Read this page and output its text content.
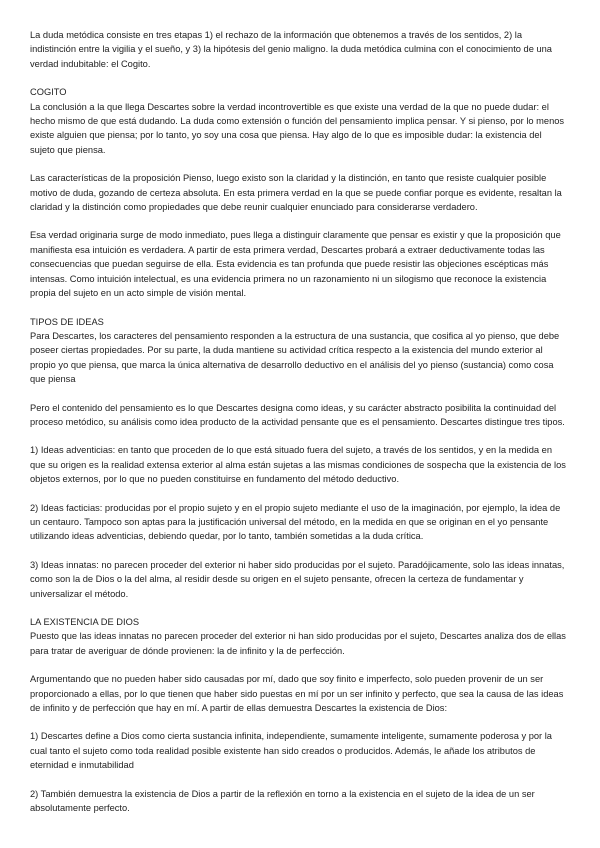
La duda metódica consiste en tres etapas 1) el rechazo de la información que obtenemos a través de los sentidos, 2) la indistinción entre la vigilia y el sueño, y 3) la hipótesis del genio maligno. la duda metódica culmina con el conocimiento de una verdad indubitable: el Cogito.

COGITO

La conclusión a la que llega Descartes sobre la verdad incontrovertible es que existe una verdad de la que no puede dudar: el hecho mismo de que está dudando. La duda como extensión o función del pensamiento implica pensar. Y si pienso, por lo menos existe alguien que piensa; por lo tanto, yo soy una cosa que piensa. Hay algo de lo que es imposible dudar: la existencia del sujeto que piensa.

Las características de la proposición Pienso, luego existo son la claridad y la distinción, en tanto que resiste cualquier posible motivo de duda, gozando de certeza absoluta. En esta primera verdad en la que se puede confiar porque es evidente, resaltan la claridad y la distinción como propiedades que debe reunir cualquier enunciado para considerarse verdadero.

Esa verdad originaria surge de modo inmediato, pues llega a distinguir claramente que pensar es existir y que la proposición que manifiesta esa intuición es verdadera. A partir de esta primera verdad, Descartes probará a extraer deductivamente todas las consecuencias que puedan seguirse de ella. Esta evidencia es tan profunda que puede resistir las objeciones escépticas más intensas. Como intuición intelectual, es una evidencia primera no un razonamiento ni un silogismo que reconoce la existencia propia del sujeto en un acto simple de visión mental.

TIPOS DE IDEAS

Para Descartes, los caracteres del pensamiento responden a la estructura de una sustancia, que cosifica al yo pienso, que debe poseer ciertas propiedades. Por su parte, la duda mantiene su actividad crítica respecto a la existencia del mundo exterior al propio yo que piensa, que marca la única alternativa de desarrollo deductivo en el análisis del yo pienso (sustancia) como cosa que piensa

Pero el contenido del pensamiento es lo que Descartes designa como ideas, y su carácter abstracto posibilita la continuidad del proceso metódico, su análisis como idea producto de la actividad pensante que es el pensamiento. Descartes distingue tres tipos.

1) Ideas adventicias: en tanto que proceden de lo que está situado fuera del sujeto, a través de los sentidos, y en la medida en que su origen es la realidad extensa exterior al alma están sujetas a las mismas condiciones de sospecha que la existencia de los objetos externos, por lo que no pueden constituirse en fundamento del método deductivo.

2) Ideas facticias: producidas por el propio sujeto y en el propio sujeto mediante el uso de la imaginación, por ejemplo, la idea de un centauro. Tampoco son aptas para la justificación universal del método, en la medida en que se originan en el yo pensante utilizando ideas adventicias, debiendo quedar, por lo tanto, también sometidas a la duda crítica.

3) Ideas innatas: no parecen proceder del exterior ni haber sido producidas por el sujeto. Paradójicamente, solo las ideas innatas, como son la de Dios o la del alma, al residir desde su origen en el sujeto pensante, ofrecen la certeza de fundamentar y universalizar el método.

LA EXISTENCIA DE DIOS

Puesto que las ideas innatas no parecen proceder del exterior ni han sido producidas por el sujeto, Descartes analiza dos de ellas para tratar de averiguar de dónde provienen: la de infinito y la de perfección.

Argumentando que no pueden haber sido causadas por mí, dado que soy finito e imperfecto, solo pueden provenir de un ser proporcionado a ellas, por lo que tienen que haber sido puestas en mí por un ser infinito y perfecto, que sea la causa de las ideas de infinito y de perfección que hay en mí. A partir de ellas demuestra Descartes la existencia de Dios:

1) Descartes define a Dios como cierta sustancia infinita, independiente, sumamente inteligente, sumamente poderosa y por la cual tanto el sujeto como toda realidad posible existente han sido creados o producidos. Además, le añade los atributos de eternidad e inmutabilidad

2) También demuestra la existencia de Dios a partir de la reflexión en torno a la existencia en el sujeto de la idea de un ser absolutamente perfecto.
